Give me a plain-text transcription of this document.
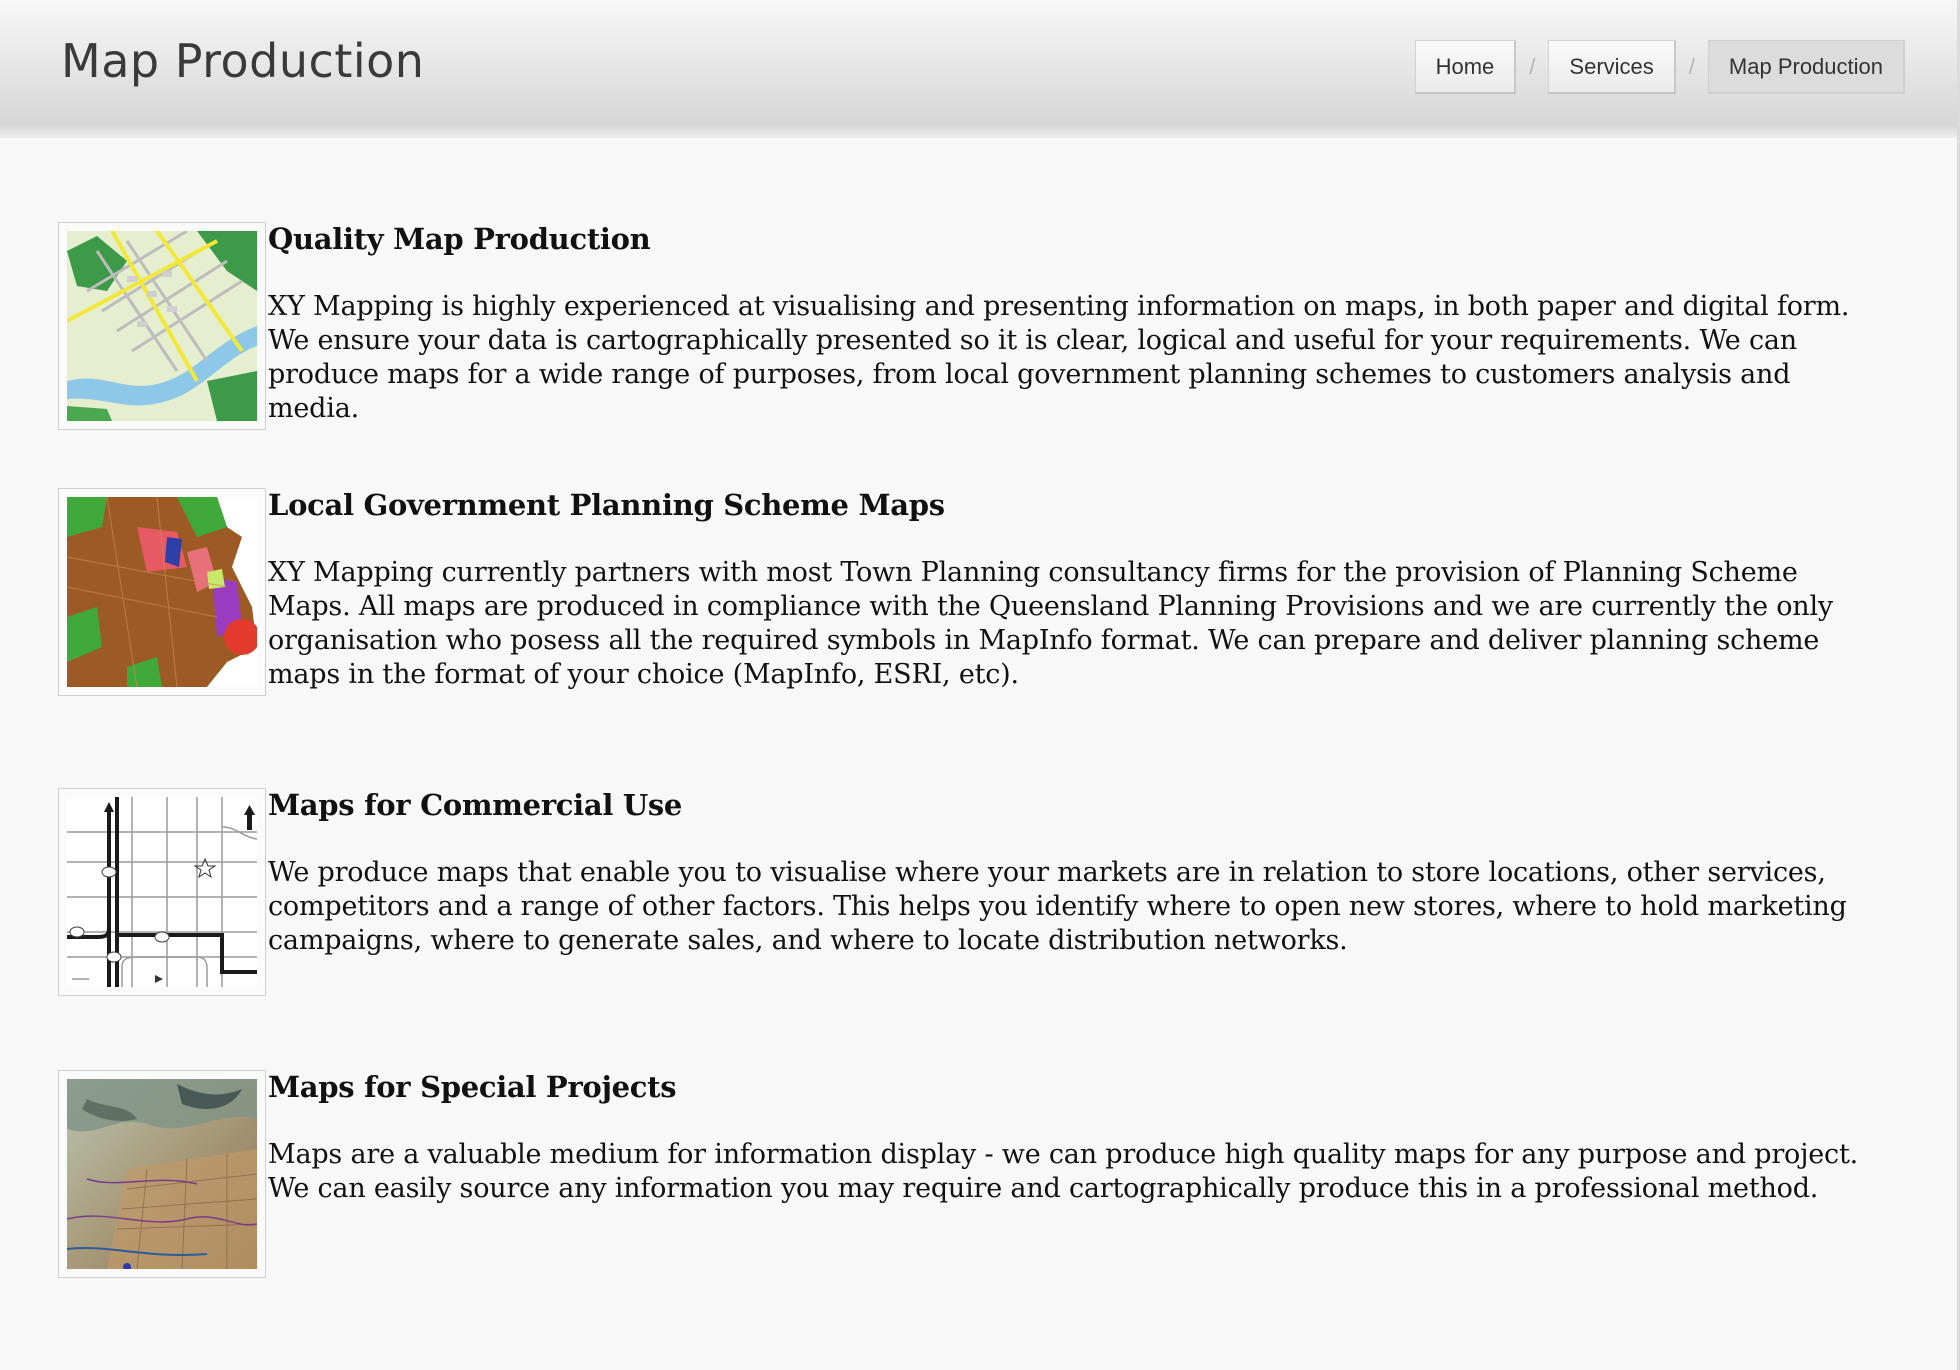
Map Production	Home	/	Services	/	Map Production
Quality Map Production

XY Mapping is highly experienced at visualising and presenting information on maps, in both paper and digital form. We ensure your data is cartographically presented so it is clear, logical and useful for your requirements. We can produce maps for a wide range of purposes, from local government planning schemes to customers analysis and media.

Local Government Planning Scheme Maps

XY Mapping currently partners with most Town Planning consultancy firms for the provision of Planning Scheme Maps. All maps are produced in compliance with the Queensland Planning Provisions and we are currently the only organisation who posess all the required symbols in MapInfo format. We can prepare and deliver planning scheme maps in the format of your choice (MapInfo, ESRI, etc).

Maps for Commercial Use

We produce maps that enable you to visualise where your markets are in relation to store locations, other services, competitors and a range of other factors. This helps you identify where to open new stores, where to hold marketing campaigns, where to generate sales, and where to locate distribution networks.

Maps for Special Projects

Maps are a valuable medium for information display - we can produce high quality maps for any purpose and project. We can easily source any information you may require and cartographically produce this in a professional method.
